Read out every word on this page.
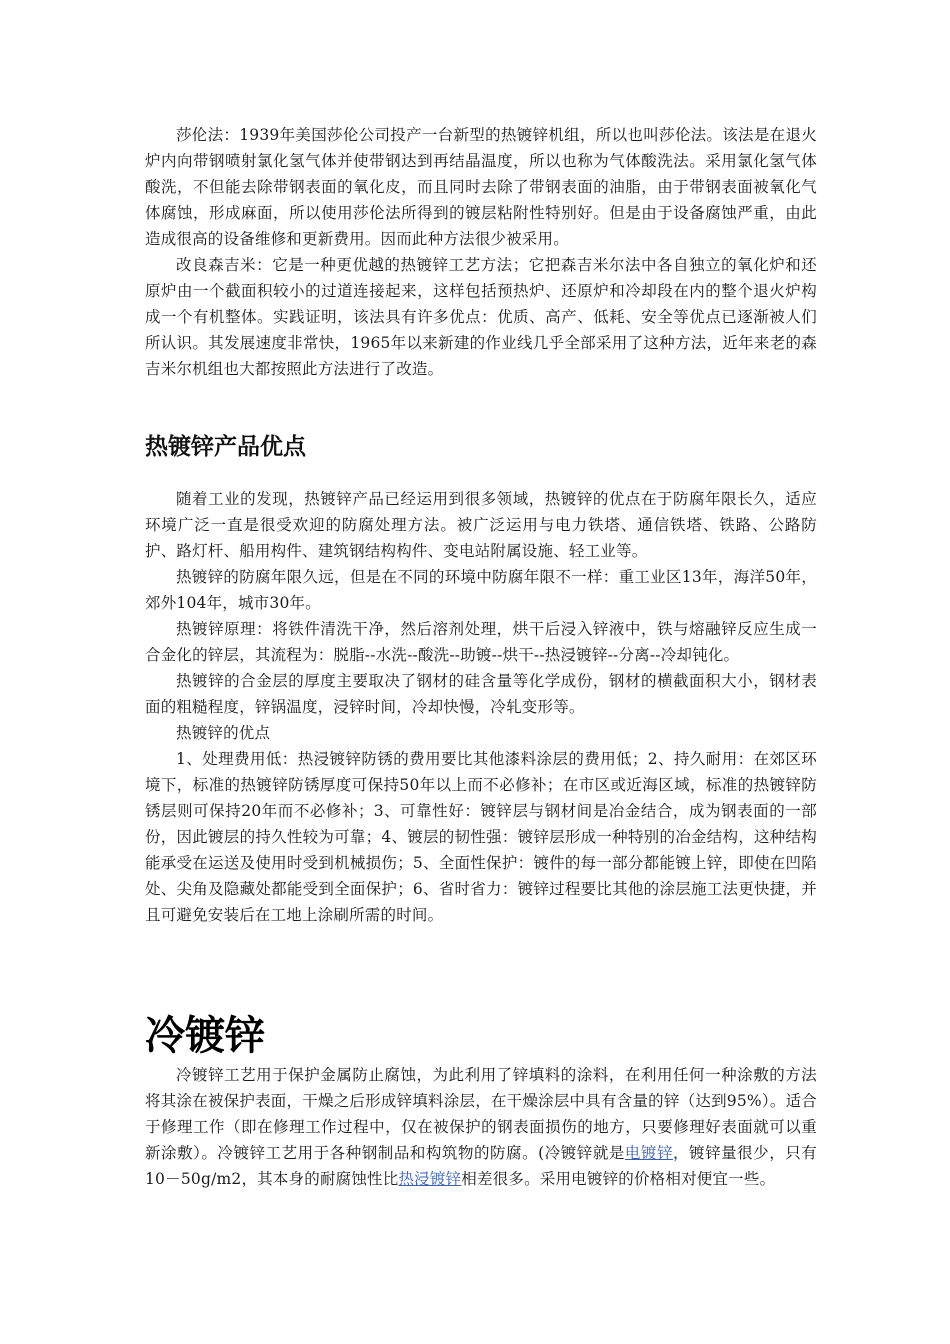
莎伦法：1939年美国莎伦公司投产一台新型的热镀锌机组，所以也叫莎伦法。该法是在退火炉内向带钢喷射氯化氢气体并使带钢达到再结晶温度，所以也称为气体酸洗法。采用氯化氢气体酸洗，不但能去除带钢表面的氧化皮，而且同时去除了带钢表面的油脂，由于带钢表面被氧化气体腐蚀，形成麻面，所以使用莎伦法所得到的镀层粘附性特别好。但是由于设备腐蚀严重，由此造成很高的设备维修和更新费用。因而此种方法很少被采用。

改良森吉米：它是一种更优越的热镀锌工艺方法；它把森吉米尔法中各自独立的氧化炉和还原炉由一个截面积较小的过道连接起来，这样包括预热炉、还原炉和冷却段在内的整个退火炉构成一个有机整体。实践证明，该法具有许多优点：优质、高产、低耗、安全等优点已逐渐被人们所认识。其发展速度非常快，1965年以来新建的作业线几乎全部采用了这种方法，近年来老的森吉米尔机组也大都按照此方法进行了改造。

热镀锌产品优点

随着工业的发现，热镀锌产品已经运用到很多领域，热镀锌的优点在于防腐年限长久，适应环境广泛一直是很受欢迎的防腐处理方法。被广泛运用与电力铁塔、通信铁塔、铁路、公路防护、路灯杆、船用构件、建筑钢结构构件、变电站附属设施、轻工业等。

热镀锌的防腐年限久远，但是在不同的环境中防腐年限不一样：重工业区13年，海洋50年，郊外104年，城市30年。

热镀锌原理：将铁件清洗干净，然后溶剂处理，烘干后浸入锌液中，铁与熔融锌反应生成一合金化的锌层，其流程为：脱脂--水洗--酸洗--助镀--烘干--热浸镀锌--分离--冷却钝化。

热镀锌的合金层的厚度主要取决了钢材的硅含量等化学成份，钢材的横截面积大小，钢材表面的粗糙程度，锌锅温度，浸锌时间，冷却快慢，冷轧变形等。

热镀锌的优点

1、处理费用低：热浸镀锌防锈的费用要比其他漆料涂层的费用低；2、持久耐用：在郊区环境下，标准的热镀锌防锈厚度可保持50年以上而不必修补；在市区或近海区域，标准的热镀锌防锈层则可保持20年而不必修补；3、可靠性好：镀锌层与钢材间是冶金结合，成为钢表面的一部份，因此镀层的持久性较为可靠；4、镀层的韧性强：镀锌层形成一种特别的冶金结构，这种结构能承受在运送及使用时受到机械损伤；5、全面性保护：镀件的每一部分都能镀上锌，即使在凹陷处、尖角及隐藏处都能受到全面保护；6、省时省力：镀锌过程要比其他的涂层施工法更快捷，并且可避免安装后在工地上涂刷所需的时间。

冷镀锌

冷镀锌工艺用于保护金属防止腐蚀，为此利用了锌填料的涂料，在利用任何一种涂敷的方法将其涂在被保护表面，干燥之后形成锌填料涂层，在干燥涂层中具有含量的锌（达到95%）。适合于修理工作（即在修理工作过程中，仅在被保护的钢表面损伤的地方，只要修理好表面就可以重新涂敷）。冷镀锌工艺用于各种钢制品和构筑物的防腐。(冷镀锌就是电镀锌，镀锌量很少，只有10－50g/m2，其本身的耐腐蚀性比热浸镀锌相差很多。采用电镀锌的价格相对便宜一些。
